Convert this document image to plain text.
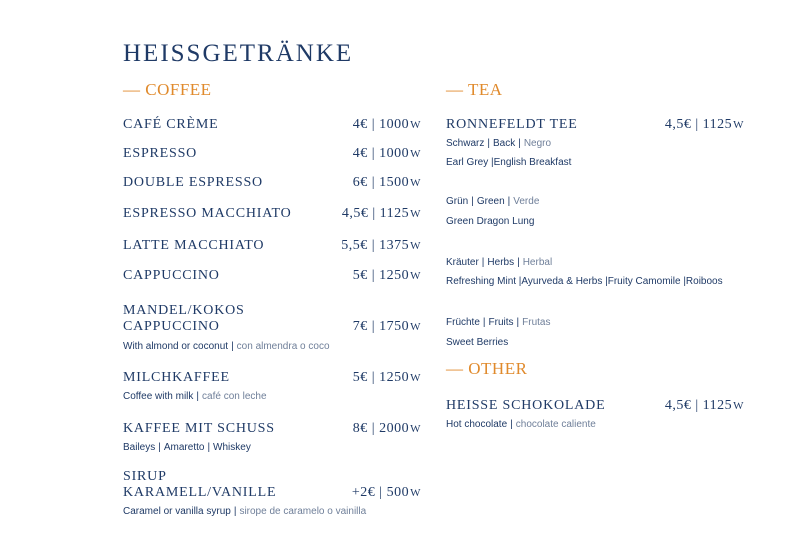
HEISSGETRÄNKE
— COFFEE	— TEA
— OTHER
CAFÉ CRÈME	4€ | 1000W
ESPRESSO	4€ | 1000W
DOUBLE ESPRESSO	6€ | 1500W
ESPRESSO MACCHIATO	4,5€ | 1125W
LATTE MACCHIATO	5,5€ | 1375W
CAPPUCCINO	5€ | 1250W
MANDEL/KOKOS
CAPPUCCINO	7€ | 1750W
With almond or coconut | con almendra o coco
MILCHKAFFEE	5€ | 1250W
Coffee with milk | café con leche
KAFFEE MIT SCHUSS	8€ | 2000W
Baileys | Amaretto | Whiskey
SIRUP
KARAMELL/VANILLE	+2€ | 500W
Caramel or vanilla syrup | sirope de caramelo o vainilla
RONNEFELDT TEE	4,5€ | 1125W
Schwarz | Back | Negro
Earl Grey |English Breakfast
Grün | Green | Verde
Green Dragon Lung
Kräuter | Herbs | Herbal
Refreshing Mint |Ayurveda & Herbs |Fruity Camomile |Roiboos
Früchte | Fruits | Frutas
Sweet Berries
HEISSE SCHOKOLADE	4,5€ | 1125W
Hot chocolate | chocolate caliente
